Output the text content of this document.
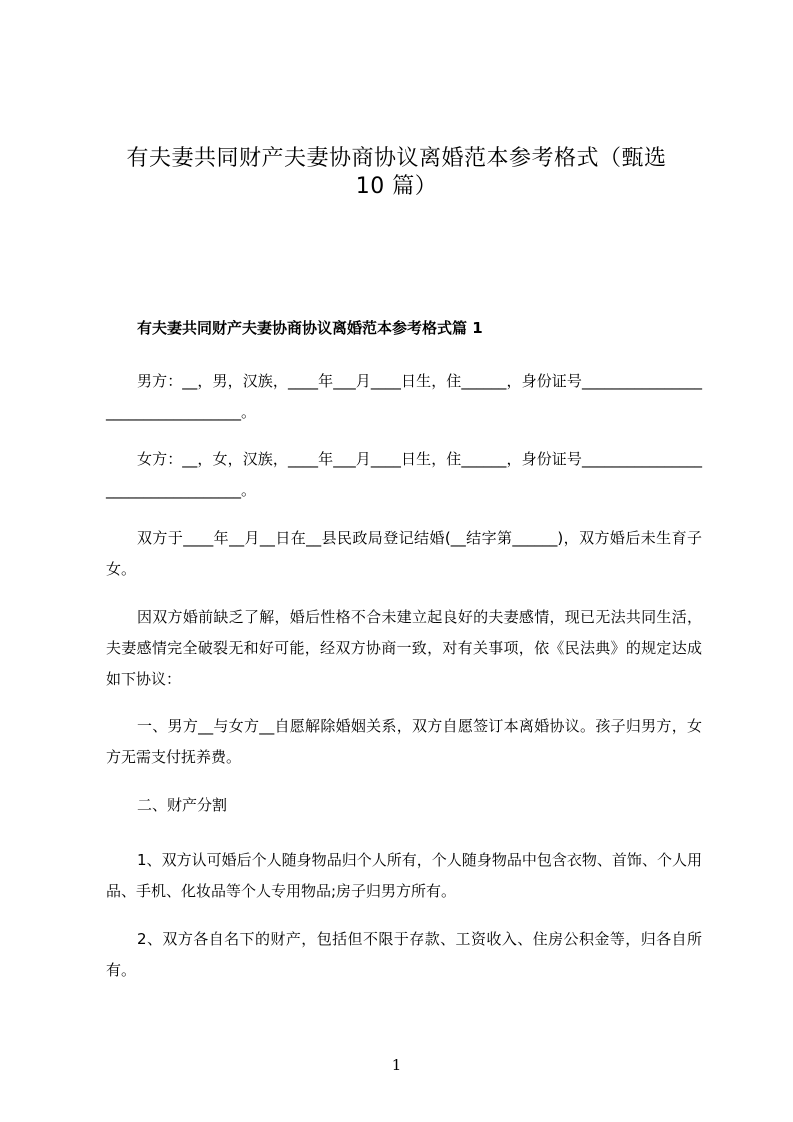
有夫妻共同财产夫妻协商协议离婚范本参考格式（甄选
10 篇）
有夫妻共同财产夫妻协商协议离婚范本参考格式篇 1
男方：__，男，汉族，____年___月____日生，住______，身份证号__________________________________。
女方：__，女，汉族，____年___月____日生，住______，身份证号__________________________________。
双方于____年__月__日在__县民政局登记结婚(__结字第______)，双方婚后未生育子女。
因双方婚前缺乏了解，婚后性格不合未建立起良好的夫妻感情，现已无法共同生活，夫妻感情完全破裂无和好可能，经双方协商一致，对有关事项，依《民法典》的规定达成如下协议：
一、男方__与女方__自愿解除婚姻关系，双方自愿签订本离婚协议。孩子归男方，女方无需支付抚养费。
二、财产分割
1、双方认可婚后个人随身物品归个人所有，个人随身物品中包含衣物、首饰、个人用品、手机、化妆品等个人专用物品;房子归男方所有。
2、双方各自名下的财产，包括但不限于存款、工资收入、住房公积金等，归各自所有。
1
